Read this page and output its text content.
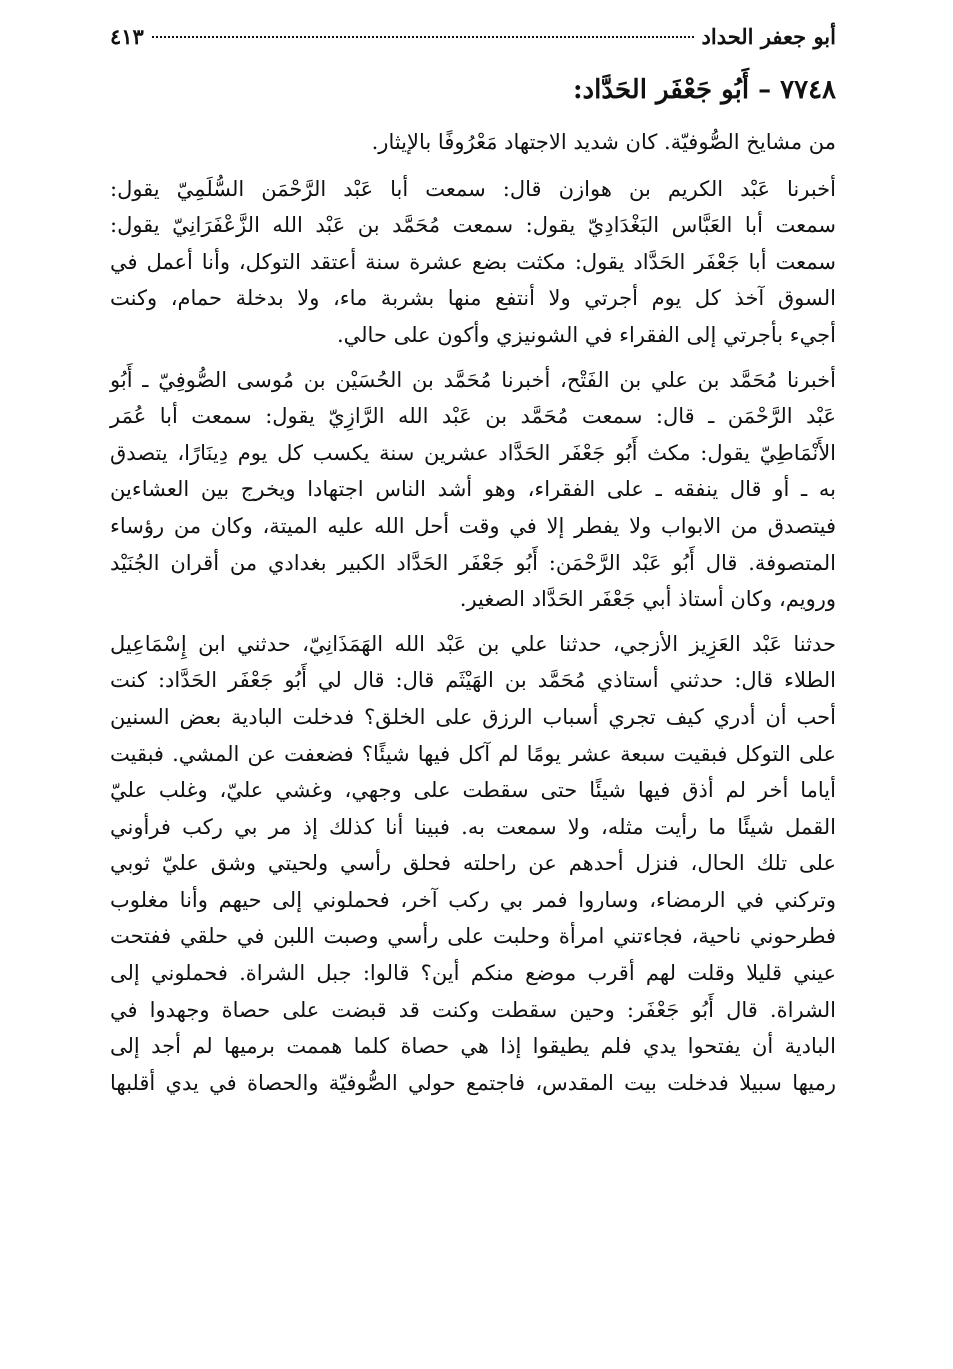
أبو جعفر الحداد
٤١٣
٧٧٤٨ – أَبُو جَعْفَر الحَدَّاد:
من مشايخ الصُّوفيّة. كان شديد الاجتهاد مَعْرُوفًا بالإيثار.
أخبرنا عَبْد الكريم بن هوازن قال: سمعت أبا عَبْد الرَّحْمَن السُّلَمِيّ يقول:
سمعت أبا العَبَّاس البَغْدَادِيّ يقول: سمعت مُحَمَّد بن عَبْد الله الزَّعْفَرَانِيّ يقول:
سمعت أبا جَعْفَر الحَدَّاد يقول: مكثت بضع عشرة سنة أعتقد التوكل، وأنا أعمل في
السوق آخذ كل يوم أجرتي ولا أنتفع منها بشربة ماء، ولا بدخلة حمام، وكنت
أجيء بأجرتي إلى الفقراء في الشونيزي وأكون على حالي.
أخبرنا مُحَمَّد بن علي بن الفَتْح، أخبرنا مُحَمَّد بن الحُسَيْن بن مُوسى الصُّوفِيّ ـ أَبُو
عَبْد الرَّحْمَن ـ قال: سمعت مُحَمَّد بن عَبْد الله الرَّازِيّ يقول: سمعت أبا عُمَر
الأَنْمَاطِيّ يقول: مكث أَبُو جَعْفَر الحَدَّاد عشرين سنة يكسب كل يوم دِينَارًا، يتصدق
به ـ أو قال ينفقه ـ على الفقراء، وهو أشد الناس اجتهادا ويخرج بين العشاءين
فيتصدق من الابواب ولا يفطر إلا في وقت أحل الله عليه الميتة، وكان من رؤساء
المتصوفة. قال أَبُو عَبْد الرَّحْمَن: أَبُو جَعْفَر الحَدَّاد الكبير بغدادي من أقران الجُنَيْد
ورويم، وكان أستاذ أبي جَعْفَر الحَدَّاد الصغير.
حدثنا عَبْد العَزِيز الأزجي، حدثنا علي بن عَبْد الله الهَمَذَانِيّ، حدثني ابن إِسْمَاعِيل
الطلاء قال: حدثني أستاذي مُحَمَّد بن الهَيْثَم قال: قال لي أَبُو جَعْفَر الحَدَّاد: كنت
أحب أن أدري كيف تجري أسباب الرزق على الخلق؟ فدخلت البادية بعض السنين
على التوكل فبقيت سبعة عشر يومًا لم آكل فيها شيئًا؟ فضعفت عن المشي. فبقيت
أياما أخر لم أذق فيها شيئًا حتى سقطت على وجهي، وغشي عليّ، وغلب عليّ
القمل شيئًا ما رأيت مثله، ولا سمعت به. فبينا أنا كذلك إذ مر بي ركب فرأوني
على تلك الحال، فنزل أحدهم عن راحلته فحلق رأسي ولحيتي وشق عليّ ثوبي
وتركني في الرمضاء، وساروا فمر بي ركب آخر، فحملوني إلى حيهم وأنا مغلوب
فطرحوني ناحية، فجاءتني امرأة وحلبت على رأسي وصبت اللبن في حلقي ففتحت
عيني قليلا وقلت لهم أقرب موضع منكم أين؟ قالوا: جبل الشراة. فحملوني إلى
الشراة. قال أَبُو جَعْفَر: وحين سقطت وكنت قد قبضت على حصاة وجهدوا في
البادية أن يفتحوا يدي فلم يطيقوا إذا هي حصاة كلما هممت برميها لم أجد إلى
رميها سبيلا فدخلت بيت المقدس، فاجتمع حولي الصُّوفيّة والحصاة في يدي أقلبها
